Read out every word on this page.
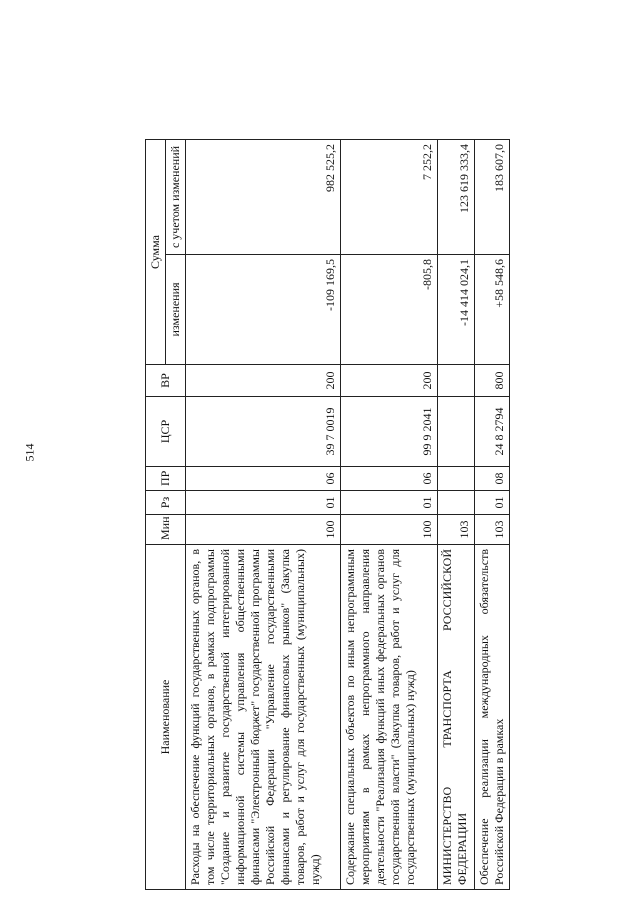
514
Наименование	Мин	Рз	ПР	ЦСР	ВР	Сумма	
						изменения	с учетом изменений
Расходы на обеспечение функций государственных органов, в том числе территориальных органов, в рамках подпрограммы "Создание и развитие государственной интегрированной информационной системы управления общественными финансами "Электронный бюджет" государственной программы Российской Федерации "Управление государственными финансами и регулирование финансовых рынков" (Закупка товаров, работ и услуг для государственных (муниципальных) нужд)	100	01	06	39 7 0019	200	-109 169,5	982 525,2
Содержание специальных объектов по иным непрограммным мероприятиям в рамках непрограммного направления деятельности "Реализация функций иных федеральных органов государственной власти" (Закупка товаров, работ и услуг для государственных (муниципальных) нужд)	100	01	06	99 9 2041	200	-805,8	7 252,2
МИНИСТЕРСТВО ТРАНСПОРТА РОССИЙСКОЙ ФЕДЕРАЦИИ	103					-14 414 024,1	123 619 333,4
Обеспечение реализации международных обязательств Российской Федерации в рамках	103	01	08	24 8 2794	800	+58 548,6	183 607,0
